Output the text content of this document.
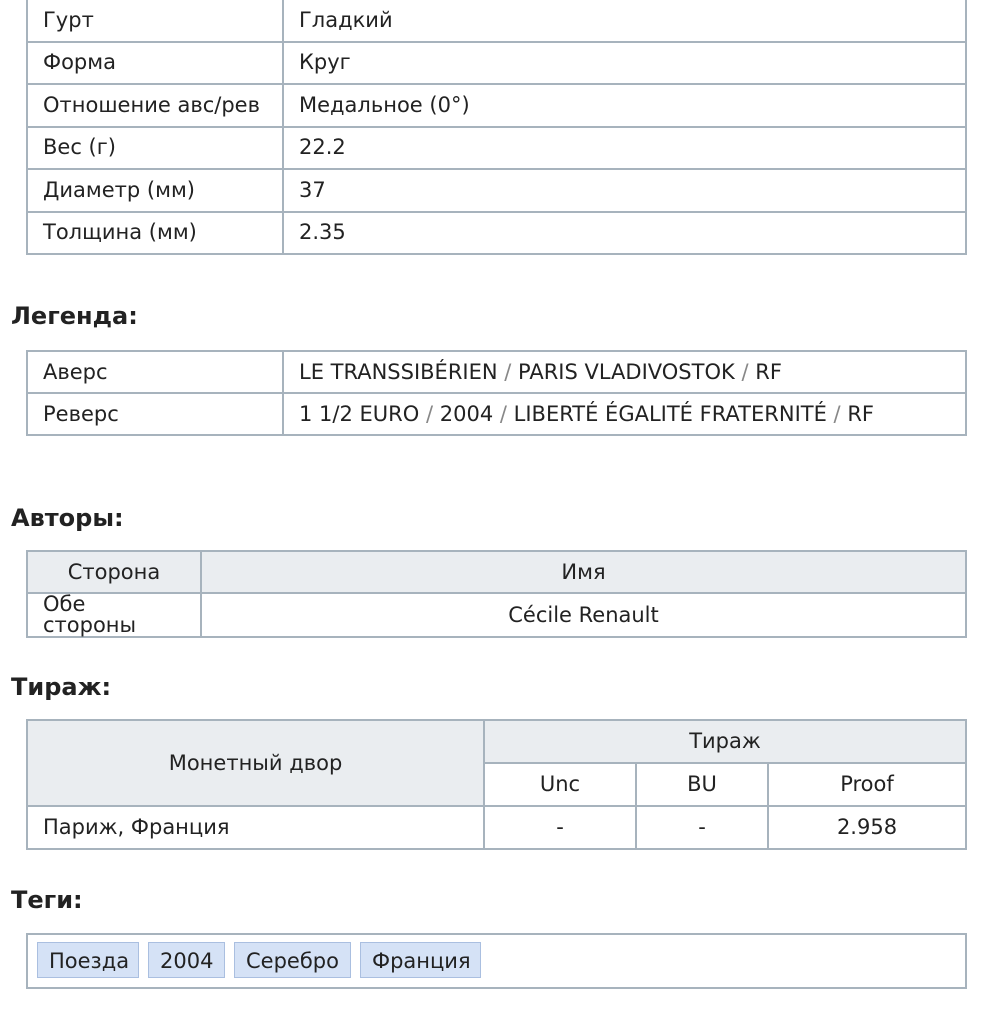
Гурт	Гладкий
Форма	Круг
Отношение авс/рев	Медальное (0°)
Вес (г)	22.2
Диаметр (мм)	37
Толщина (мм)	2.35
Легенда:
Аверс	LE TRANSSIBÉRIEN / PARIS VLADIVOSTOK / RF
Реверс	1 1/2 EURO / 2004 / LIBERTÉ ÉGALITÉ FRATERNITÉ / RF
Авторы:
Сторона	Имя
Обе стороны	Cécile Renault
Тираж:
Монетный двор	Тираж		
	Unc	BU	Proof
Париж, Франция	-	-	2.958
Теги:
Поезда	2004	Серебро	Франция
